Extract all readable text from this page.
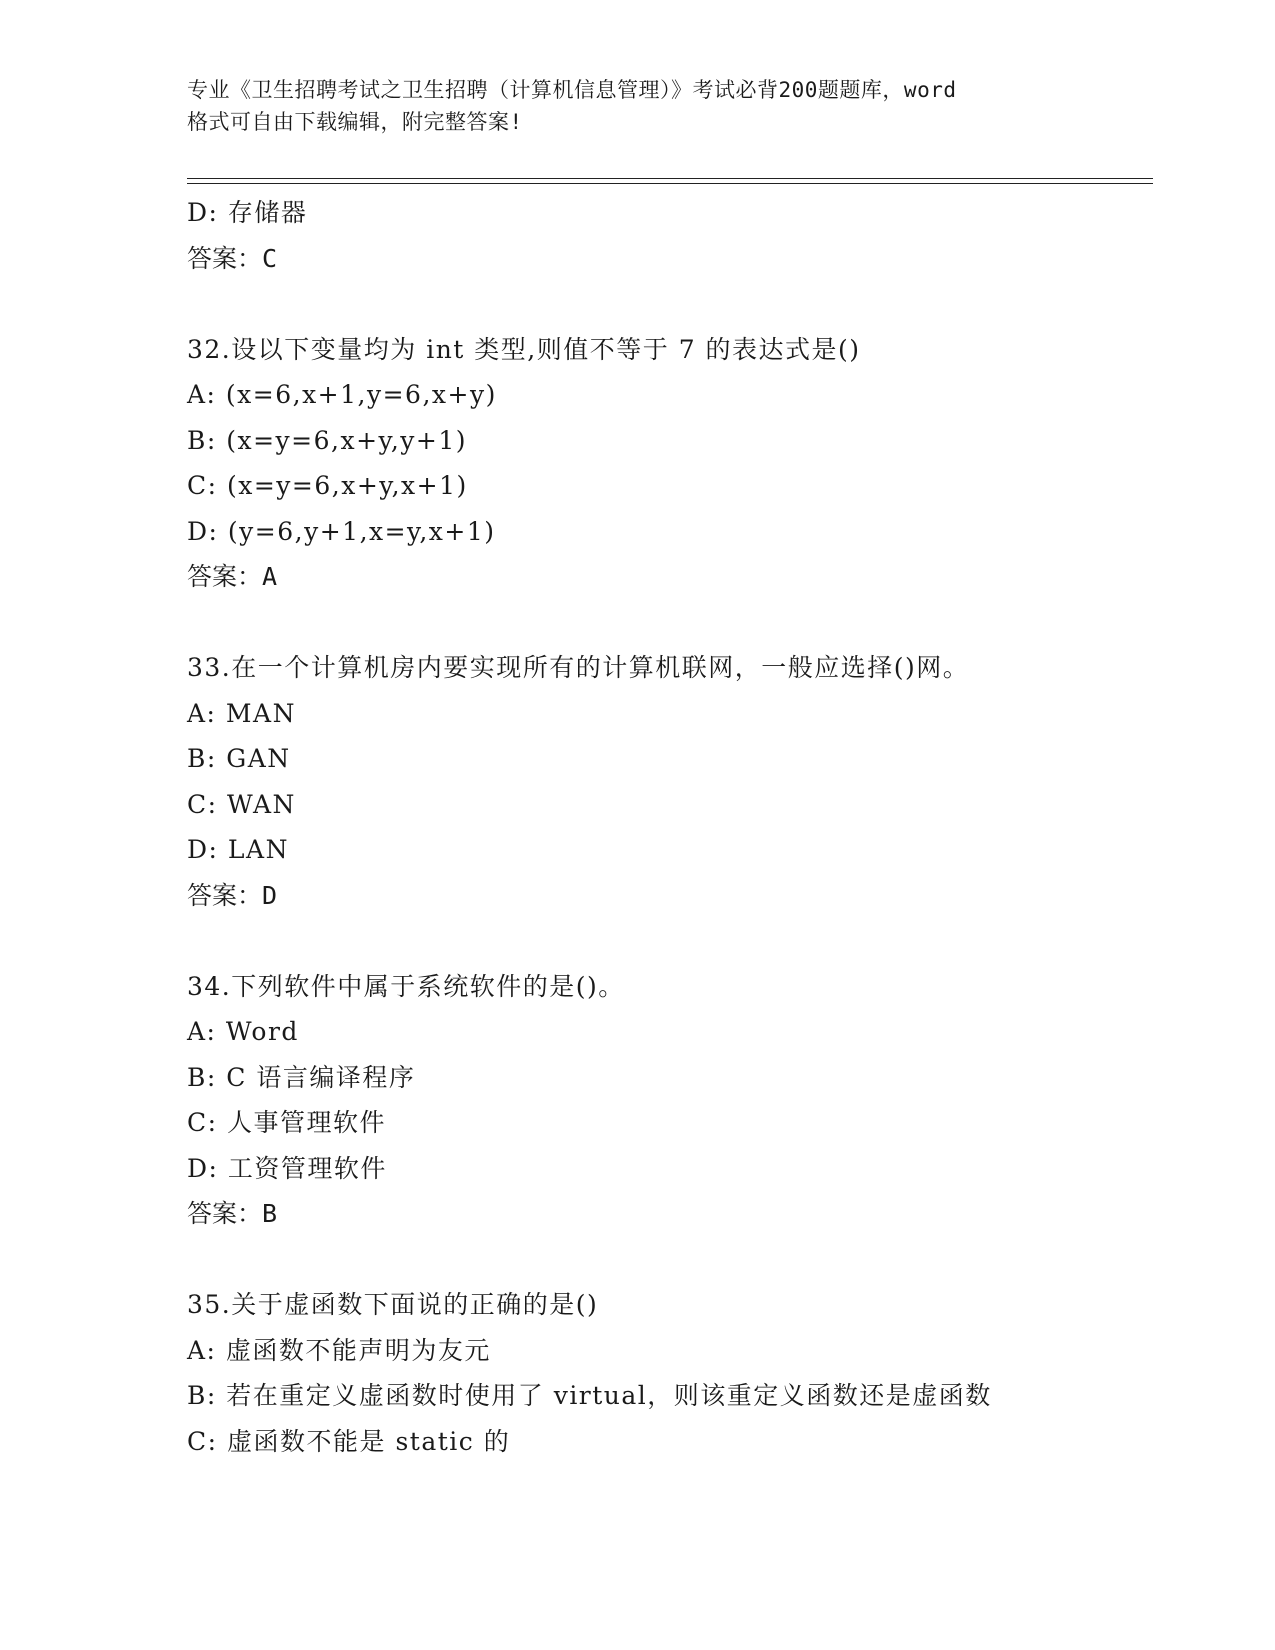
专业《卫生招聘考试之卫生招聘（计算机信息管理）》考试必背200题题库，word
格式可自由下载编辑，附完整答案!
D: 存储器
答案：C
32.设以下变量均为 int 类型,则值不等于 7 的表达式是()
A: (x=6,x+1,y=6,x+y)
B: (x=y=6,x+y,y+1)
C: (x=y=6,x+y,x+1)
D: (y=6,y+1,x=y,x+1)
答案：A
33.在一个计算机房内要实现所有的计算机联网，一般应选择()网。
A: MAN
B: GAN
C: WAN
D: LAN
答案：D
34.下列软件中属于系统软件的是()。
A: Word
B: C 语言编译程序
C: 人事管理软件
D: 工资管理软件
答案：B
35.关于虚函数下面说的正确的是()
A: 虚函数不能声明为友元
B: 若在重定义虚函数时使用了 virtual，则该重定义函数还是虚函数
C: 虚函数不能是 static 的
